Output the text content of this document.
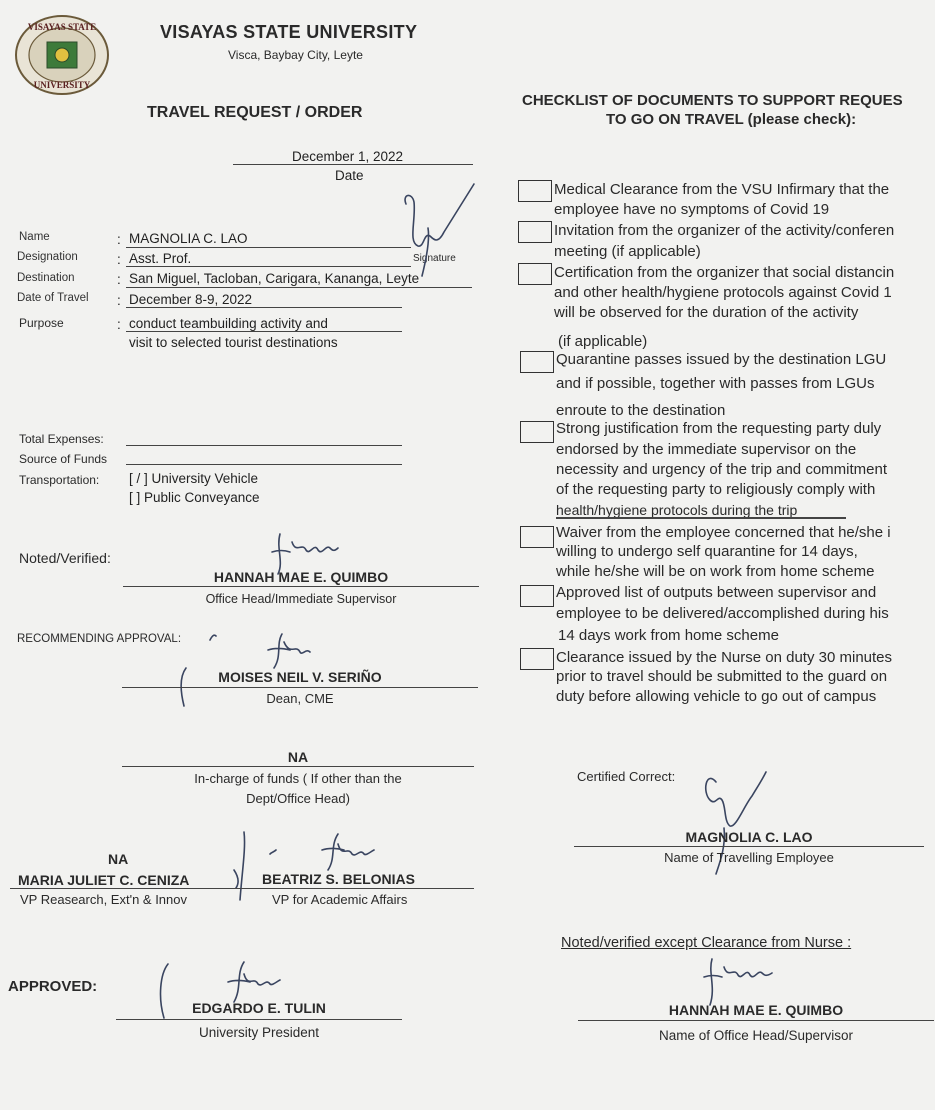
VISAYAS STATE
UNIVERSITY
VISAYAS STATE UNIVERSITY
Visca, Baybay City, Leyte
TRAVEL REQUEST / ORDER
December 1, 2022
Date
Name	: MAGNOLIA C. LAO
Designation	: Asst. Prof.	Signature
Destination	: San Miguel, Tacloban, Carigara, Kananga, Leyte
Date of Travel : December 8-9, 2022
Purpose	: conduct teambuilding activity and
visit to selected tourist destinations
Total Expenses:
Source of Funds
Transportation: [ / ] University Vehicle
[ ] Public Conveyance
Noted/Verified:
HANNAH MAE E. QUIMBO
Office Head/Immediate Supervisor
RECOMMENDING APPROVAL:
MOISES NEIL V. SERIÑO
Dean, CME
NA
In-charge of funds ( If other than the
Dept/Office Head)
NA
MARIA JULIET C. CENIZA	BEATRIZ S. BELONIAS
VP Reasearch, Ext'n & Innov	VP for Academic Affairs
APPROVED:
EDGARDO E. TULIN
University President
CHECKLIST OF DOCUMENTS TO SUPPORT REQUES
TO GO ON TRAVEL (please check):
Medical Clearance from the VSU Infirmary that the
employee have no symptoms of Covid 19
Invitation from the organizer of the activity/conferen
meeting (if applicable)
Certification from the organizer that social distancin
and other health/hygiene protocols against Covid 1
will be observed for the duration of the activity
(if applicable)
Quarantine passes issued by the destination LGU
and if possible, together with passes from LGUs
enroute to the destination
Strong justification from the requesting party duly
endorsed by the immediate supervisor on the
necessity and urgency of the trip and commitment
of the requesting party to religiously comply with
health/hygiene protocols during the trip
Waiver from the employee concerned that he/she i
willing to undergo self quarantine for 14 days,
while he/she will be on work from home scheme
Approved list of outputs between supervisor and
employee to be delivered/accomplished during his
14 days work from home scheme
Clearance issued by the Nurse on duty 30 minutes
prior to travel should be submitted to the guard on
duty before allowing vehicle to go out of campus
Certified Correct:
MAGNOLIA C. LAO
Name of Travelling Employee
Noted/verified except Clearance from Nurse :
HANNAH MAE E. QUIMBO
Name of Office Head/Supervisor
